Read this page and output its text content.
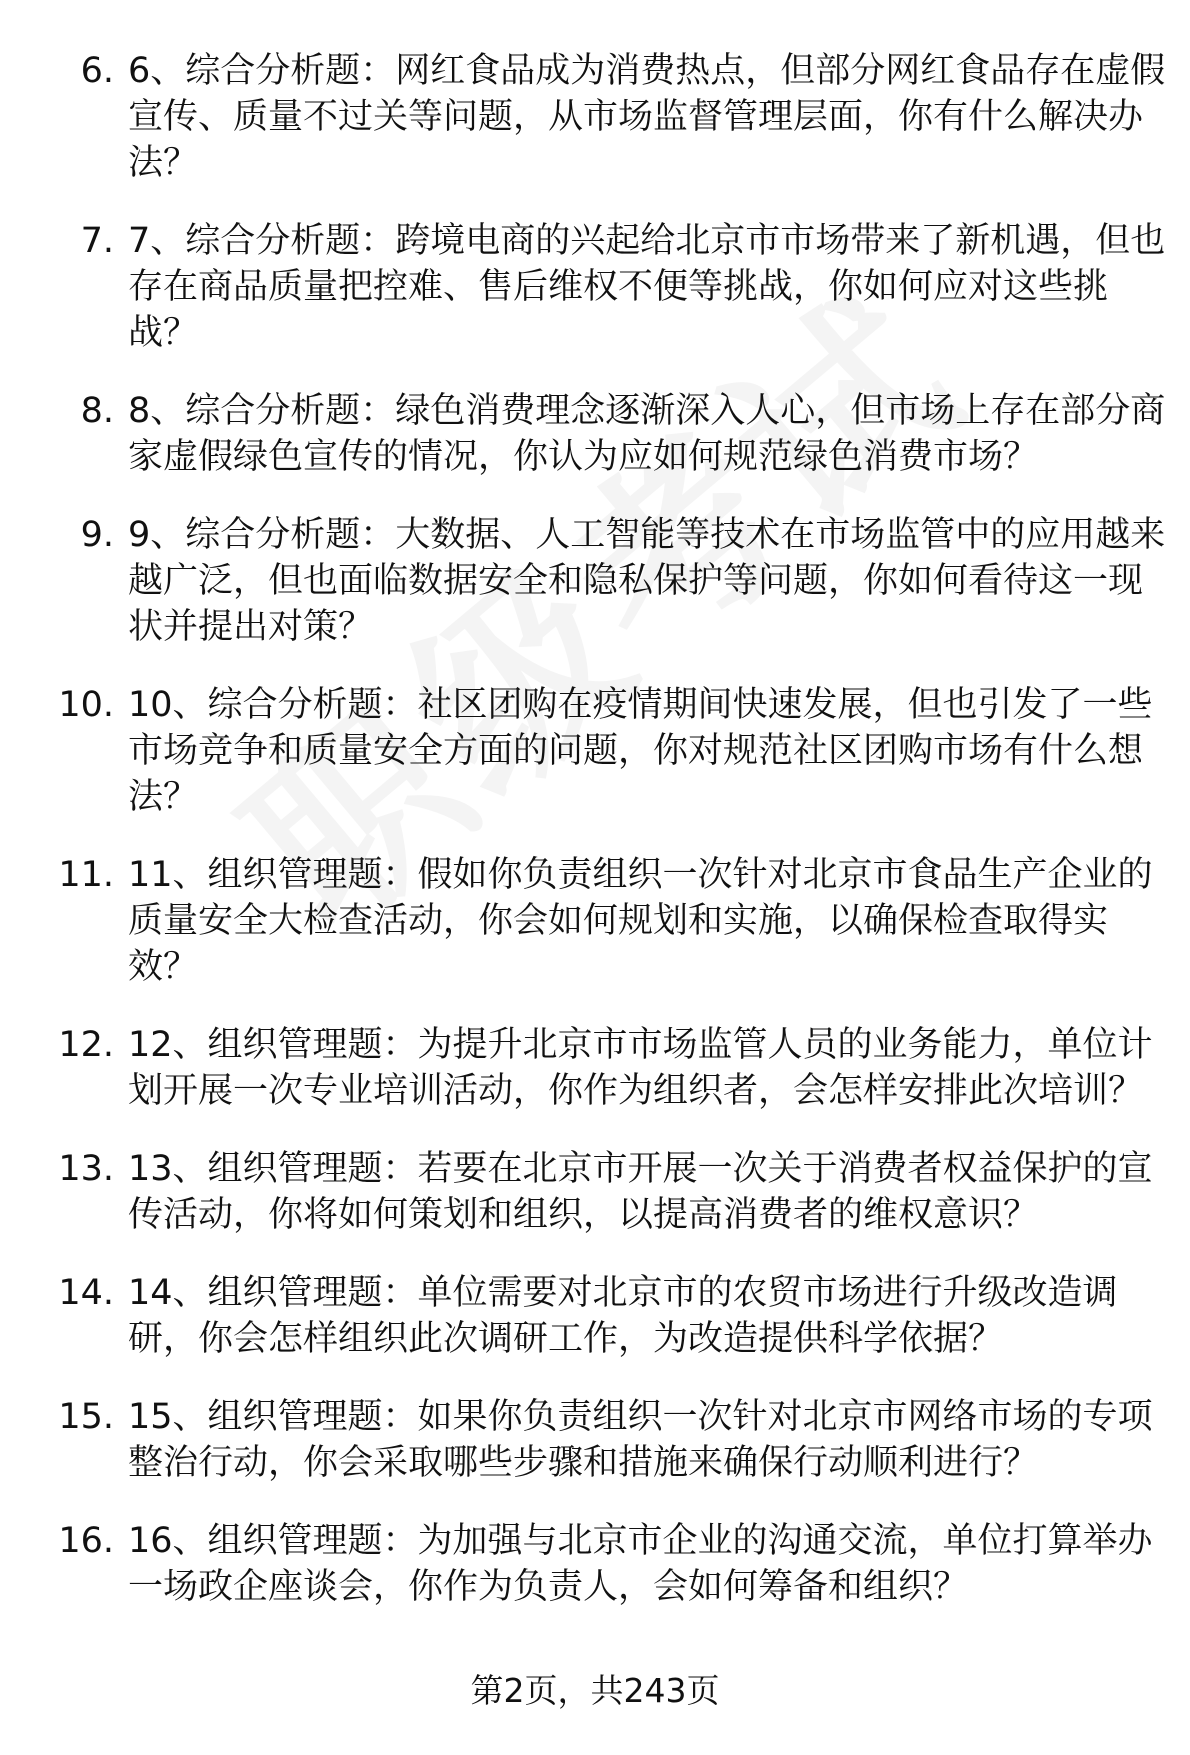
6. 6、综合分析题：网红食品成为消费热点，但部分网红食品存在虚假宣传、质量不过关等问题，从市场监督管理层面，你有什么解决办法？
7. 7、综合分析题：跨境电商的兴起给北京市市场带来了新机遇，但也存在商品质量把控难、售后维权不便等挑战，你如何应对这些挑战？
8. 8、综合分析题：绿色消费理念逐渐深入人心，但市场上存在部分商家虚假绿色宣传的情况，你认为应如何规范绿色消费市场？
9. 9、综合分析题：大数据、人工智能等技术在市场监管中的应用越来越广泛，但也面临数据安全和隐私保护等问题，你如何看待这一现状并提出对策？
10. 10、综合分析题：社区团购在疫情期间快速发展，但也引发了一些市场竞争和质量安全方面的问题，你对规范社区团购市场有什么想法？
11. 11、组织管理题：假如你负责组织一次针对北京市食品生产企业的质量安全大检查活动，你会如何规划和实施，以确保检查取得实效？
12. 12、组织管理题：为提升北京市市场监管人员的业务能力，单位计划开展一次专业培训活动，你作为组织者，会怎样安排此次培训？
13. 13、组织管理题：若要在北京市开展一次关于消费者权益保护的宣传活动，你将如何策划和组织，以提高消费者的维权意识？
14. 14、组织管理题：单位需要对北京市的农贸市场进行升级改造调研，你会怎样组织此次调研工作，为改造提供科学依据？
15. 15、组织管理题：如果你负责组织一次针对北京市网络市场的专项整治行动，你会采取哪些步骤和措施来确保行动顺利进行？
16. 16、组织管理题：为加强与北京市企业的沟通交流，单位打算举办一场政企座谈会，你作为负责人，会如何筹备和组织？
第2页，共243页
